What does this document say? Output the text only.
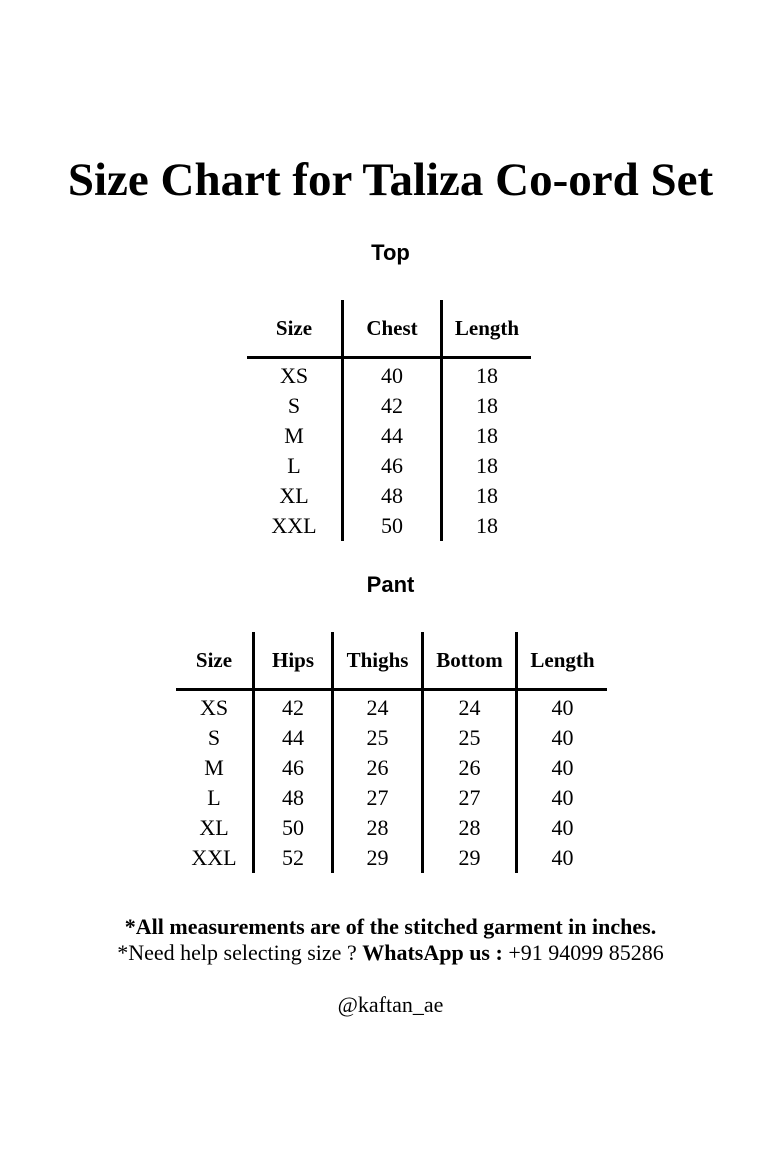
Size Chart for Taliza Co-ord Set
Top
Size	Chest	Length
XS	40	18
S	42	18
M	44	18
L	46	18
XL	48	18
XXL	50	18
Pant
Size	Hips	Thighs	Bottom	Length
XS	42	24	24	40
S	44	25	25	40
M	46	26	26	40
L	48	27	27	40
XL	50	28	28	40
XXL	52	29	29	40
*All measurements are of the stitched garment in inches.
*Need help selecting size ? WhatsApp us : +91 94099 85286
@kaftan_ae
